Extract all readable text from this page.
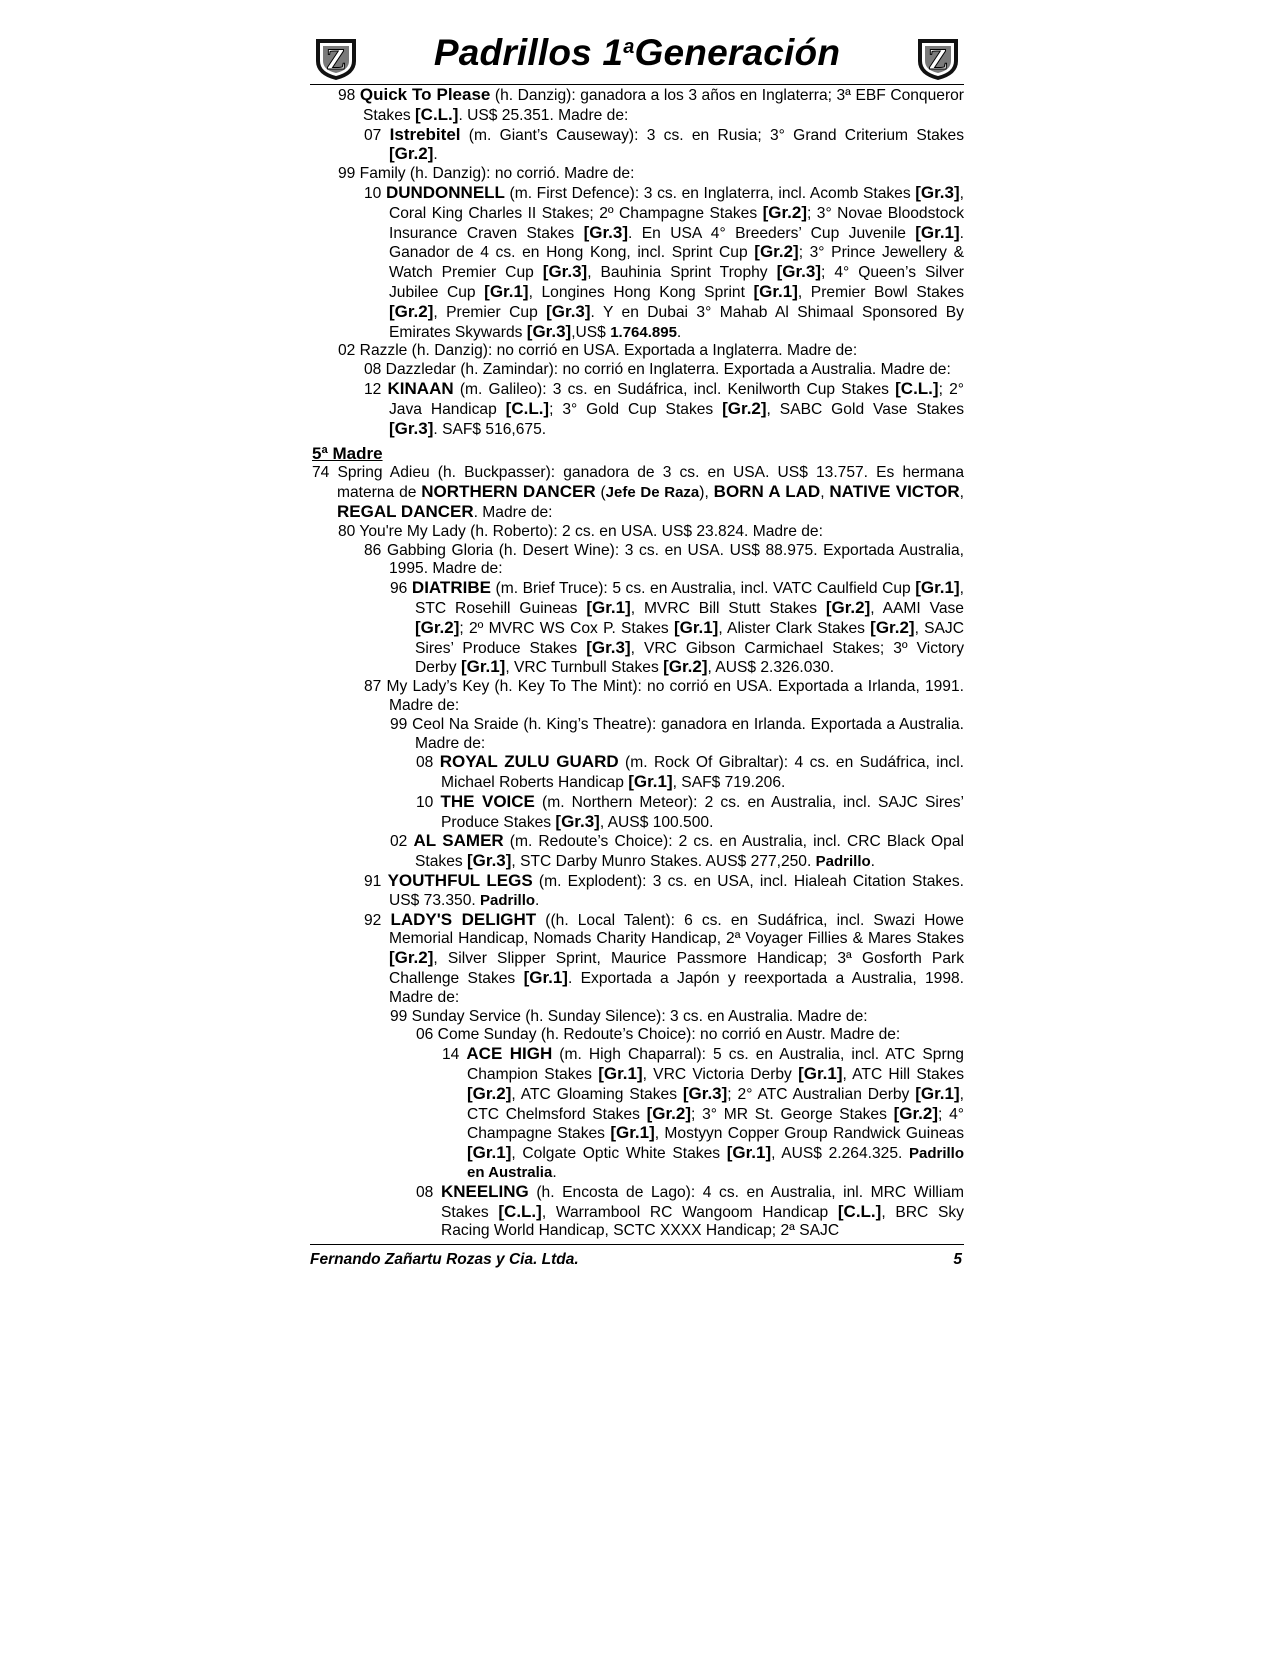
Z	Padrillos 1$^a$Generación	Z

98 Quick To Please (h. Danzig): ganadora a los 3 años en Inglaterra; 3ª EBF Conqueror Stakes [C.L.]. US$ 25.351. Madre de:

07 Istrebitel (m. Giant’s Causeway): 3 cs. en Rusia; 3° Grand Criterium Stakes [Gr.2].

99 Family (h. Danzig): no corrió. Madre de:

10 DUNDONNELL (m. First Defence): 3 cs. en Inglaterra, incl. Acomb Stakes [Gr.3], Coral King Charles II Stakes; 2º Champagne Stakes [Gr.2]; 3° Novae Bloodstock Insurance Craven Stakes [Gr.3]. En USA 4° Breeders’ Cup Juvenile [Gr.1]. Ganador de 4 cs. en Hong Kong, incl. Sprint Cup [Gr.2]; 3° Prince Jewellery & Watch Premier Cup [Gr.3], Bauhinia Sprint Trophy [Gr.3]; 4° Queen’s Silver Jubilee Cup [Gr.1], Longines Hong Kong Sprint [Gr.1], Premier Bowl Stakes [Gr.2], Premier Cup [Gr.3]. Y en Dubai 3° Mahab Al Shimaal Sponsored By Emirates Skywards [Gr.3],US$ 1.764.895.

02 Razzle (h. Danzig): no corrió en USA. Exportada a Inglaterra. Madre de:

08 Dazzledar (h. Zamindar): no corrió en Inglaterra. Exportada a Australia. Madre de:

12 KINAAN (m. Galileo): 3 cs. en Sudáfrica, incl. Kenilworth Cup Stakes [C.L.]; 2° Java Handicap [C.L.]; 3° Gold Cup Stakes [Gr.2], SABC Gold Vase Stakes [Gr.3]. SAF$ 516,675.

5ª Madre

74 Spring Adieu (h. Buckpasser): ganadora de 3 cs. en USA. US$ 13.757. Es hermana materna de NORTHERN DANCER (Jefe De Raza), BORN A LAD, NATIVE VICTOR, REGAL DANCER. Madre de:

80 You're My Lady (h. Roberto): 2 cs. en USA. US$ 23.824. Madre de:

86 Gabbing Gloria (h. Desert Wine): 3 cs. en USA. US$ 88.975. Exportada Australia, 1995. Madre de:

96 DIATRIBE (m. Brief Truce): 5 cs. en Australia, incl. VATC Caulfield Cup [Gr.1], STC Rosehill Guineas [Gr.1], MVRC Bill Stutt Stakes [Gr.2], AAMI Vase [Gr.2]; 2º MVRC WS Cox P. Stakes [Gr.1], Alister Clark Stakes [Gr.2], SAJC Sires’ Produce Stakes [Gr.3], VRC Gibson Carmichael Stakes; 3º Victory Derby [Gr.1], VRC Turnbull Stakes [Gr.2], AUS$ 2.326.030.

87 My Lady’s Key (h. Key To The Mint): no corrió en USA. Exportada a Irlanda, 1991. Madre de:

99 Ceol Na Sraide (h. King’s Theatre): ganadora en Irlanda. Exportada a Australia. Madre de:

08 ROYAL ZULU GUARD (m. Rock Of Gibraltar): 4 cs. en Sudáfrica, incl. Michael Roberts Handicap [Gr.1], SAF$ 719.206.

10 THE VOICE (m. Northern Meteor): 2 cs. en Australia, incl. SAJC Sires’ Produce Stakes [Gr.3], AUS$ 100.500.

02 AL SAMER (m. Redoute’s Choice): 2 cs. en Australia, incl. CRC Black Opal Stakes [Gr.3], STC Darby Munro Stakes. AUS$ 277,250. Padrillo.

91 YOUTHFUL LEGS (m. Explodent): 3 cs. en USA, incl. Hialeah Citation Stakes. US$ 73.350. Padrillo.

92 LADY'S DELIGHT ((h. Local Talent): 6 cs. en Sudáfrica, incl. Swazi Howe Memorial Handicap, Nomads Charity Handicap, 2ª Voyager Fillies & Mares Stakes [Gr.2], Silver Slipper Sprint, Maurice Passmore Handicap; 3ª Gosforth Park Challenge Stakes [Gr.1]. Exportada a Japón y reexportada a Australia, 1998. Madre de:

99 Sunday Service (h. Sunday Silence): 3 cs. en Australia. Madre de:

06 Come Sunday (h. Redoute’s Choice): no corrió en Austr. Madre de:

14 ACE HIGH (m. High Chaparral): 5 cs. en Australia, incl. ATC Sprng Champion Stakes [Gr.1], VRC Victoria Derby [Gr.1], ATC Hill Stakes [Gr.2], ATC Gloaming Stakes [Gr.3]; 2° ATC Australian Derby [Gr.1], CTC Chelmsford Stakes [Gr.2]; 3° MR St. George Stakes [Gr.2]; 4° Champagne Stakes [Gr.1], Mostyyn Copper Group Randwick Guineas [Gr.1], Colgate Optic White Stakes [Gr.1], AUS$ 2.264.325. Padrillo en Australia.

08 KNEELING (h. Encosta de Lago): 4 cs. en Australia, inl. MRC William Stakes [C.L.], Warrambool RC Wangoom Handicap [C.L.], BRC Sky Racing World Handicap, SCTC XXXX Handicap; 2ª SAJC

Fernando Zañartu Rozas y Cia. Ltda.	5
